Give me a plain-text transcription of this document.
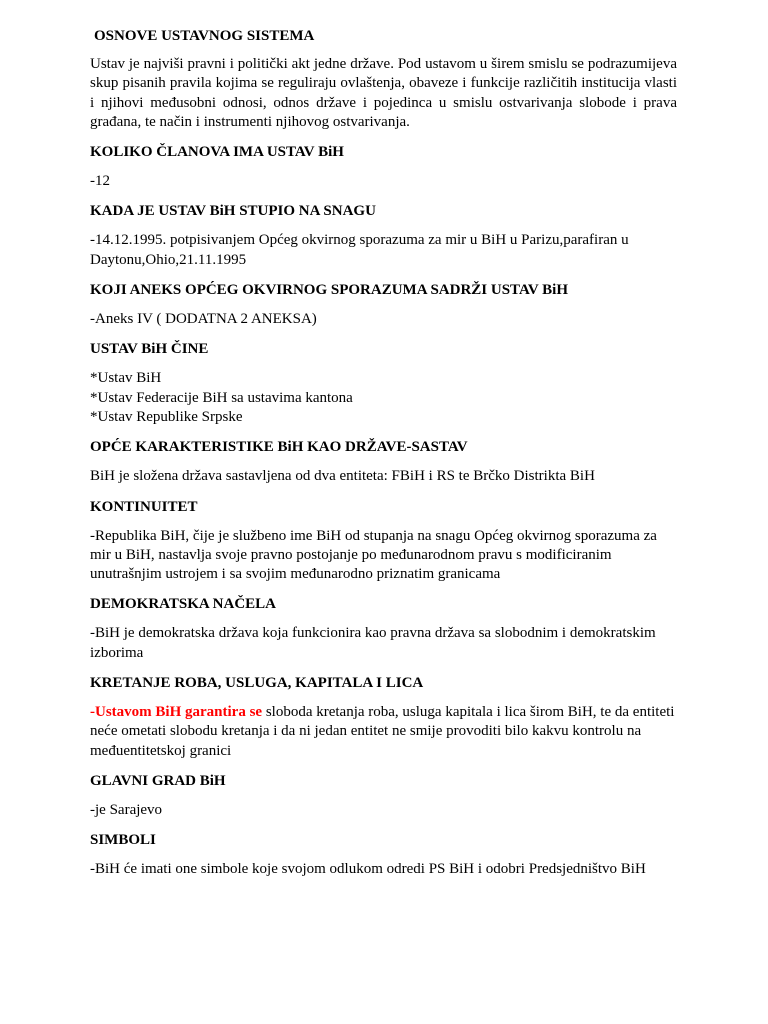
OSNOVE USTAVNOG SISTEMA
Ustav je najviši pravni i politički akt jedne države. Pod ustavom u širem smislu se podrazumijeva skup pisanih pravila kojima se reguliraju ovlaštenja, obaveze i funkcije različitih institucija vlasti i njihovi međusobni odnosi, odnos države i pojedinca u smislu ostvarivanja slobode i prava građana, te način i instrumenti njihovog ostvarivanja.
KOLIKO ČLANOVA IMA USTAV BiH
-12
KADA JE USTAV BiH STUPIO NA SNAGU
-14.12.1995. potpisivanjem Općeg okvirnog sporazuma za mir u BiH u Parizu,parafiran u Daytonu,Ohio,21.11.1995
KOJI ANEKS OPĆEG OKVIRNOG SPORAZUMA SADRŽI USTAV BiH
-Aneks IV ( DODATNA 2 ANEKSA)
USTAV BiH ČINE
*Ustav BiH
*Ustav Federacije BiH sa ustavima kantona
*Ustav Republike Srpske
OPĆE KARAKTERISTIKE BiH KAO DRŽAVE-SASTAV
BiH je složena država sastavljena od dva entiteta: FBiH i RS te Brčko Distrikta BiH
KONTINUITET
-Republika BiH, čije je službeno ime BiH od stupanja na snagu Općeg okvirnog sporazuma za mir u BiH, nastavlja svoje pravno postojanje po međunarodnom pravu s modificiranim unutrašnjim ustrojem i sa svojim međunarodno priznatim granicama
DEMOKRATSKA NAČELA
-BiH je demokratska država koja funkcionira kao pravna država sa slobodnim i demokratskim izborima
KRETANJE ROBA, USLUGA, KAPITALA I LICA
-Ustavom BiH garantira se sloboda kretanja roba, usluga kapitala i lica širom BiH, te da entiteti neće ometati slobodu kretanja i da ni jedan entitet ne smije provoditi bilo kakvu kontrolu na međuentitetskoj granici
GLAVNI GRAD BiH
-je Sarajevo
SIMBOLI
-BiH će imati one simbole koje svojom odlukom odredi PS BiH i odobri Predsjedništvo BiH
